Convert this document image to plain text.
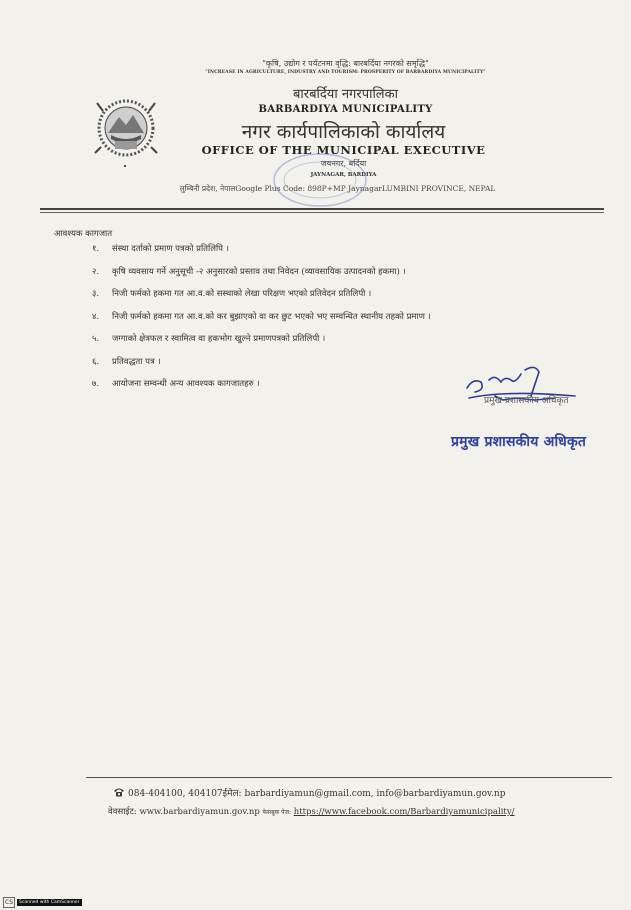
"कृषि, उद्योग र पर्यटनमा वृद्धि: बारबर्दिया नगरको समृद्धि"
"INCREASE IN AGRICULTURE, INDUSTRY AND TOURISM: PROSPERITY OF BARBARDIYA MUNICIPALITY"
बारबर्दिया नगरपालिका
BARBARDIYA MUNICIPALITY
नगर कार्यपालिकाको कार्यालय
OFFICE OF THE MUNICIPAL EXECUTIVE
जयनगर, बर्दिया
JAYNAGAR, BARDIYA
लुम्बिनी प्रदेश, नेपालGoogle Plus Code: 898P+MP JaynagarLUMBINI PROVINCE, NEPAL
आवश्यक कागजात
१. संस्था दर्ताको प्रमाण पत्रको प्रतिलिपि ।
२. कृषि व्यवसाय गर्ने अनुसूची -२ अनुसारको प्रस्ताव तथा निवेदन (व्यावसायिक उत्पादनको हकमा) ।
३. निजी फर्मको हकमा गत आ.व.को सस्थाको लेखा परिक्षण भएको प्रतिवेदन प्रतिलिपी ।
४. निजी फर्मको हकमा गत आ.व.को कर बुझाएको वा कर छुट भएको भए सम्वन्धित स्थानीय तहको प्रमाण ।
५. जग्गाको क्षेत्रफल र स्वामित्व वा हकभोग खुल्ने प्रमाणपत्रको प्रतिलिपी ।
६. प्रतिवद्धता पत्र ।
७. आयोजना सम्वन्धी अन्य आवश्यक कागजातहरु ।
प्रमुख प्रशासकीय अधिकृत
प्रमुख प्रशासकीय अधिकृत
084-404100, 404107ईमेल: barbardiyamun@gmail.com, info@barbardiyamun.gov.np
वेवसाईट: www.barbardiyamun.gov.np फेसबुक पेज: https://www.facebook.com/Barbardiyamunicipality/
CS	Scanned with CamScanner
